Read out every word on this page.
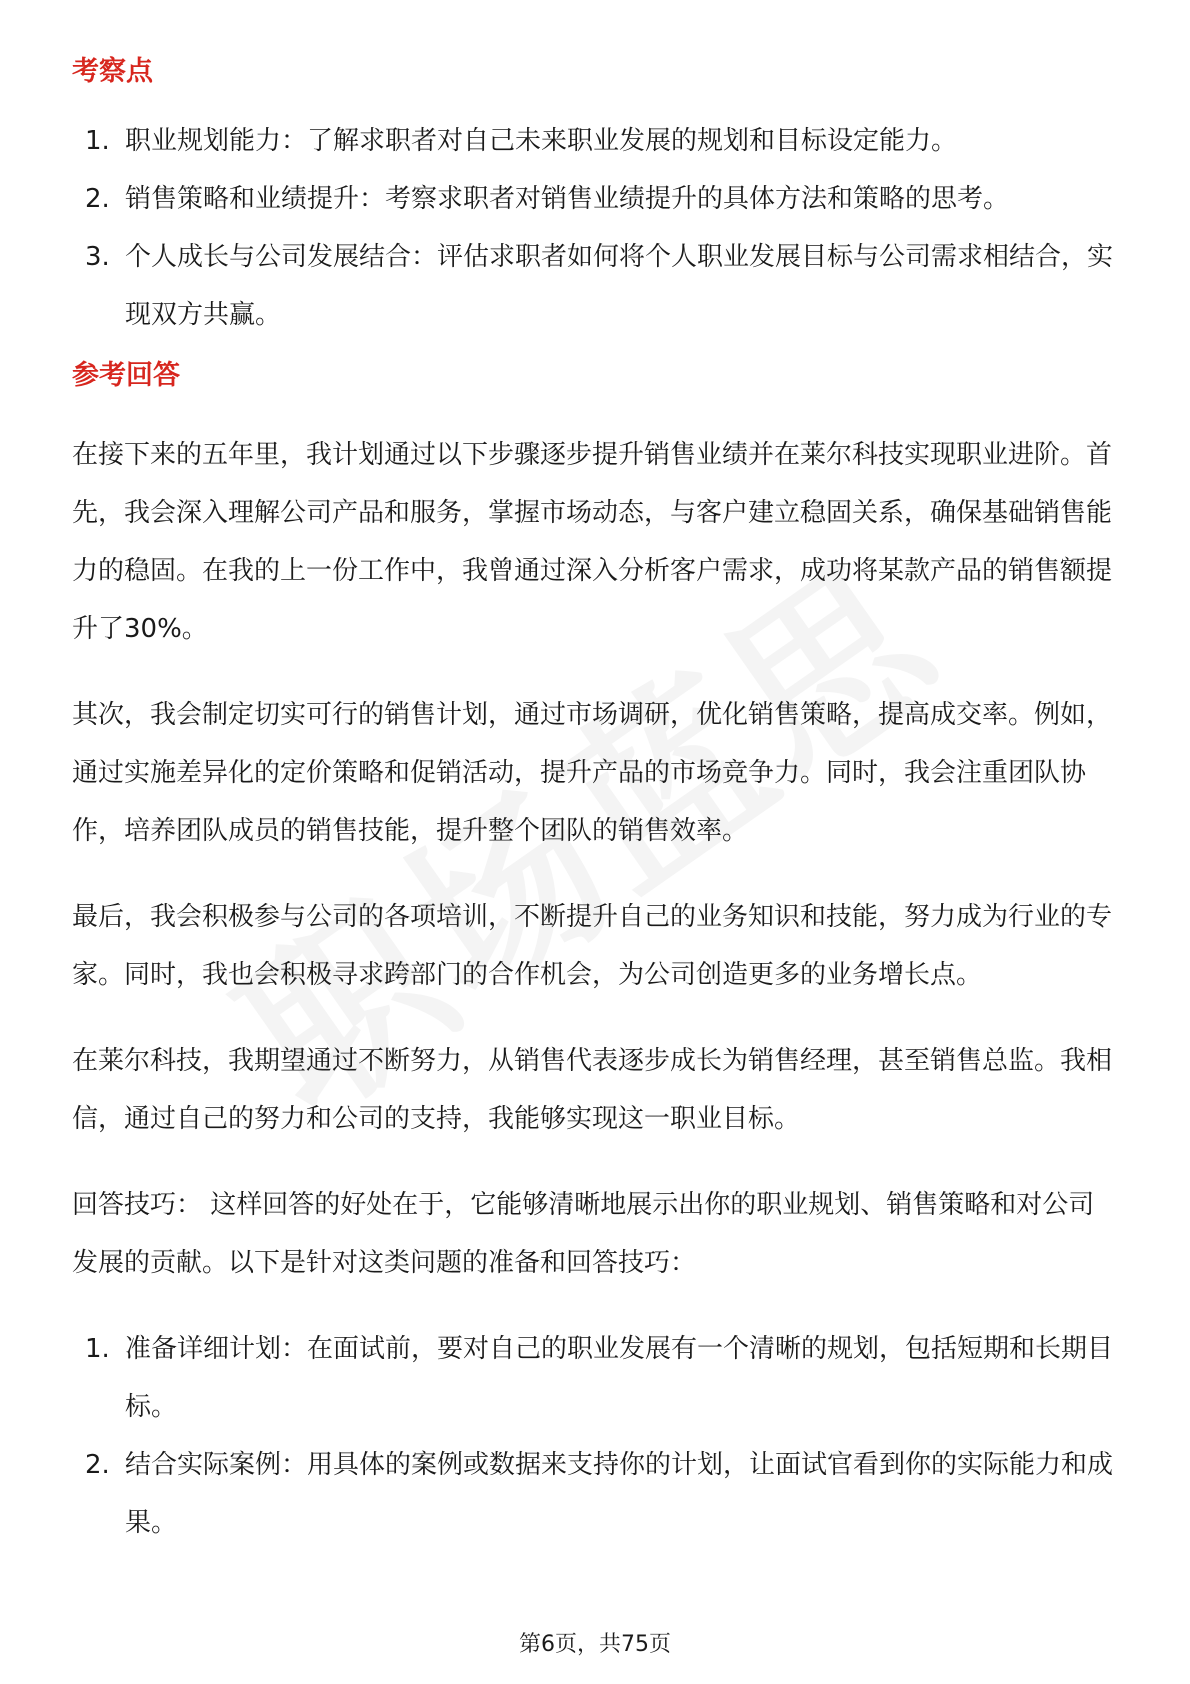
考察点
1. 职业规划能力：了解求职者对自己未来职业发展的规划和目标设定能力。
2. 销售策略和业绩提升：考察求职者对销售业绩提升的具体方法和策略的思考。
3. 个人成长与公司发展结合：评估求职者如何将个人职业发展目标与公司需求相结合，实现双方共赢。
参考回答

在接下来的五年里，我计划通过以下步骤逐步提升销售业绩并在莱尔科技实现职业进阶。首先，我会深入理解公司产品和服务，掌握市场动态，与客户建立稳固关系，确保基础销售能力的稳固。在我的上一份工作中，我曾通过深入分析客户需求，成功将某款产品的销售额提升了30%。

其次，我会制定切实可行的销售计划，通过市场调研，优化销售策略，提高成交率。例如，通过实施差异化的定价策略和促销活动，提升产品的市场竞争力。同时，我会注重团队协作，培养团队成员的销售技能，提升整个团队的销售效率。

最后，我会积极参与公司的各项培训，不断提升自己的业务知识和技能，努力成为行业的专家。同时，我也会积极寻求跨部门的合作机会，为公司创造更多的业务增长点。

在莱尔科技，我期望通过不断努力，从销售代表逐步成长为销售经理，甚至销售总监。我相信，通过自己的努力和公司的支持，我能够实现这一职业目标。

回答技巧： 这样回答的好处在于，它能够清晰地展示出你的职业规划、销售策略和对公司发展的贡献。以下是针对这类问题的准备和回答技巧：

1. 准备详细计划：在面试前，要对自己的职业发展有一个清晰的规划，包括短期和长期目标。
2. 结合实际案例：用具体的案例或数据来支持你的计划，让面试官看到你的实际能力和成果。
第6页，共75页
